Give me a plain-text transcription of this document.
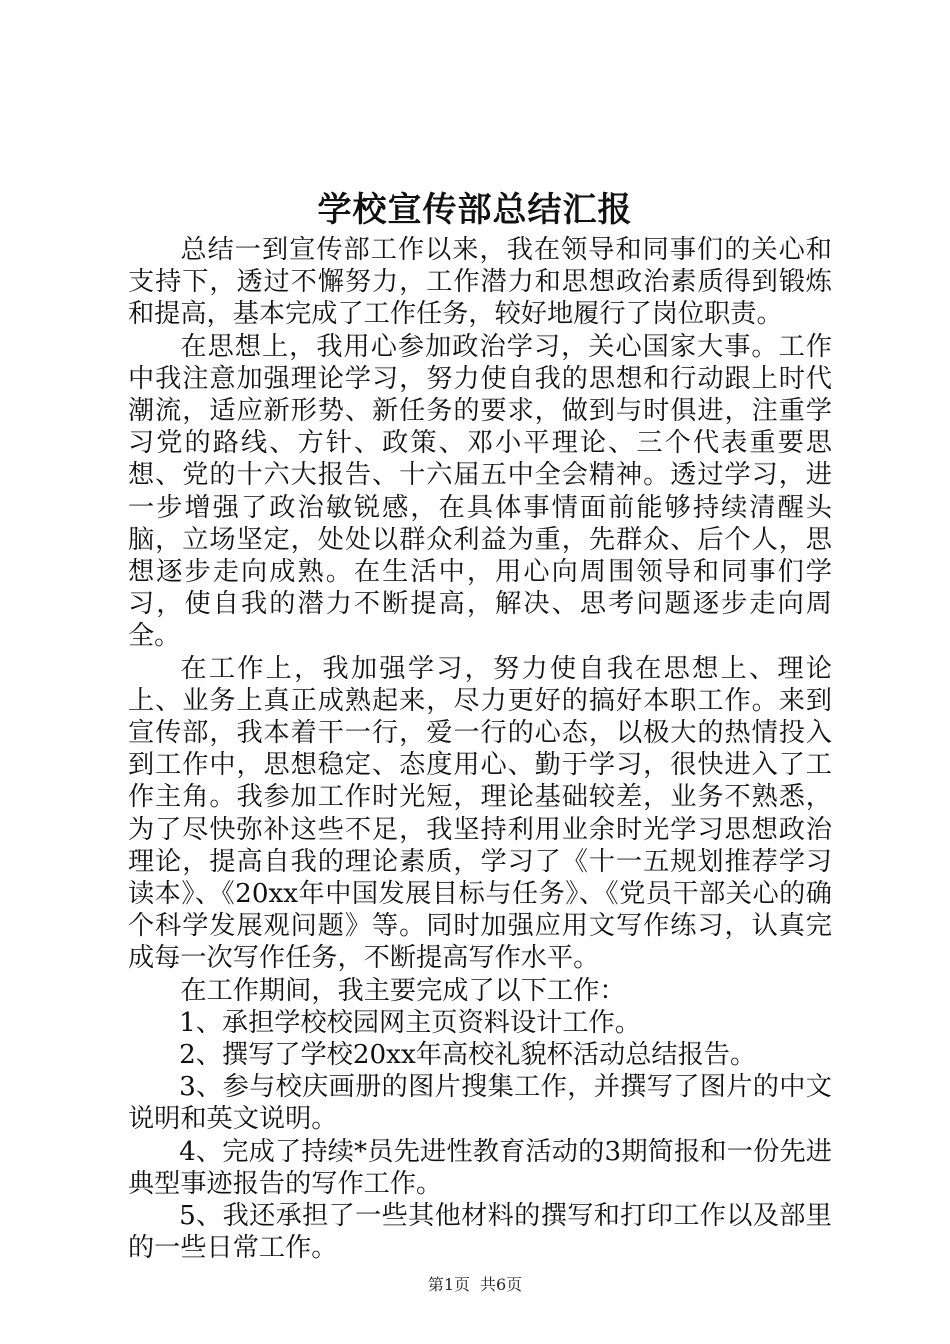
学校宣传部总结汇报

总结一到宣传部工作以来，我在领导和同事们的关心和支持下，透过不懈努力，工作潜力和思想政治素质得到锻炼和提高，基本完成了工作任务，较好地履行了岗位职责。

在思想上，我用心参加政治学习，关心国家大事。工作中我注意加强理论学习，努力使自我的思想和行动跟上时代潮流，适应新形势、新任务的要求，做到与时俱进，注重学习党的路线、方针、政策、邓小平理论、三个代表重要思想、党的十六大报告、十六届五中全会精神。透过学习，进一步增强了政治敏锐感，在具体事情面前能够持续清醒头脑，立场坚定，处处以群众利益为重，先群众、后个人，思想逐步走向成熟。在生活中，用心向周围领导和同事们学习，使自我的潜力不断提高，解决、思考问题逐步走向周全。

在工作上，我加强学习，努力使自我在思想上、理论上、业务上真正成熟起来，尽力更好的搞好本职工作。来到宣传部，我本着干一行，爱一行的心态，以极大的热情投入到工作中，思想稳定、态度用心、勤于学习，很快进入了工作主角。我参加工作时光短，理论基础较差，业务不熟悉，为了尽快弥补这些不足，我坚持利用业余时光学习思想政治理论，提高自我的理论素质，学习了《十一五规划推荐学习读本》、《20xx年中国发展目标与任务》、《党员干部关心的确个科学发展观问题》等。同时加强应用文写作练习，认真完成每一次写作任务，不断提高写作水平。

在工作期间，我主要完成了以下工作：

1、承担学校校园网主页资料设计工作。

2、撰写了学校20xx年高校礼貌杯活动总结报告。

3、参与校庆画册的图片搜集工作，并撰写了图片的中文说明和英文说明。

4、完成了持续*员先进性教育活动的3期简报和一份先进典型事迹报告的写作工作。

5、我还承担了一些其他材料的撰写和打印工作以及部里的一些日常工作。

第1页 共6页
